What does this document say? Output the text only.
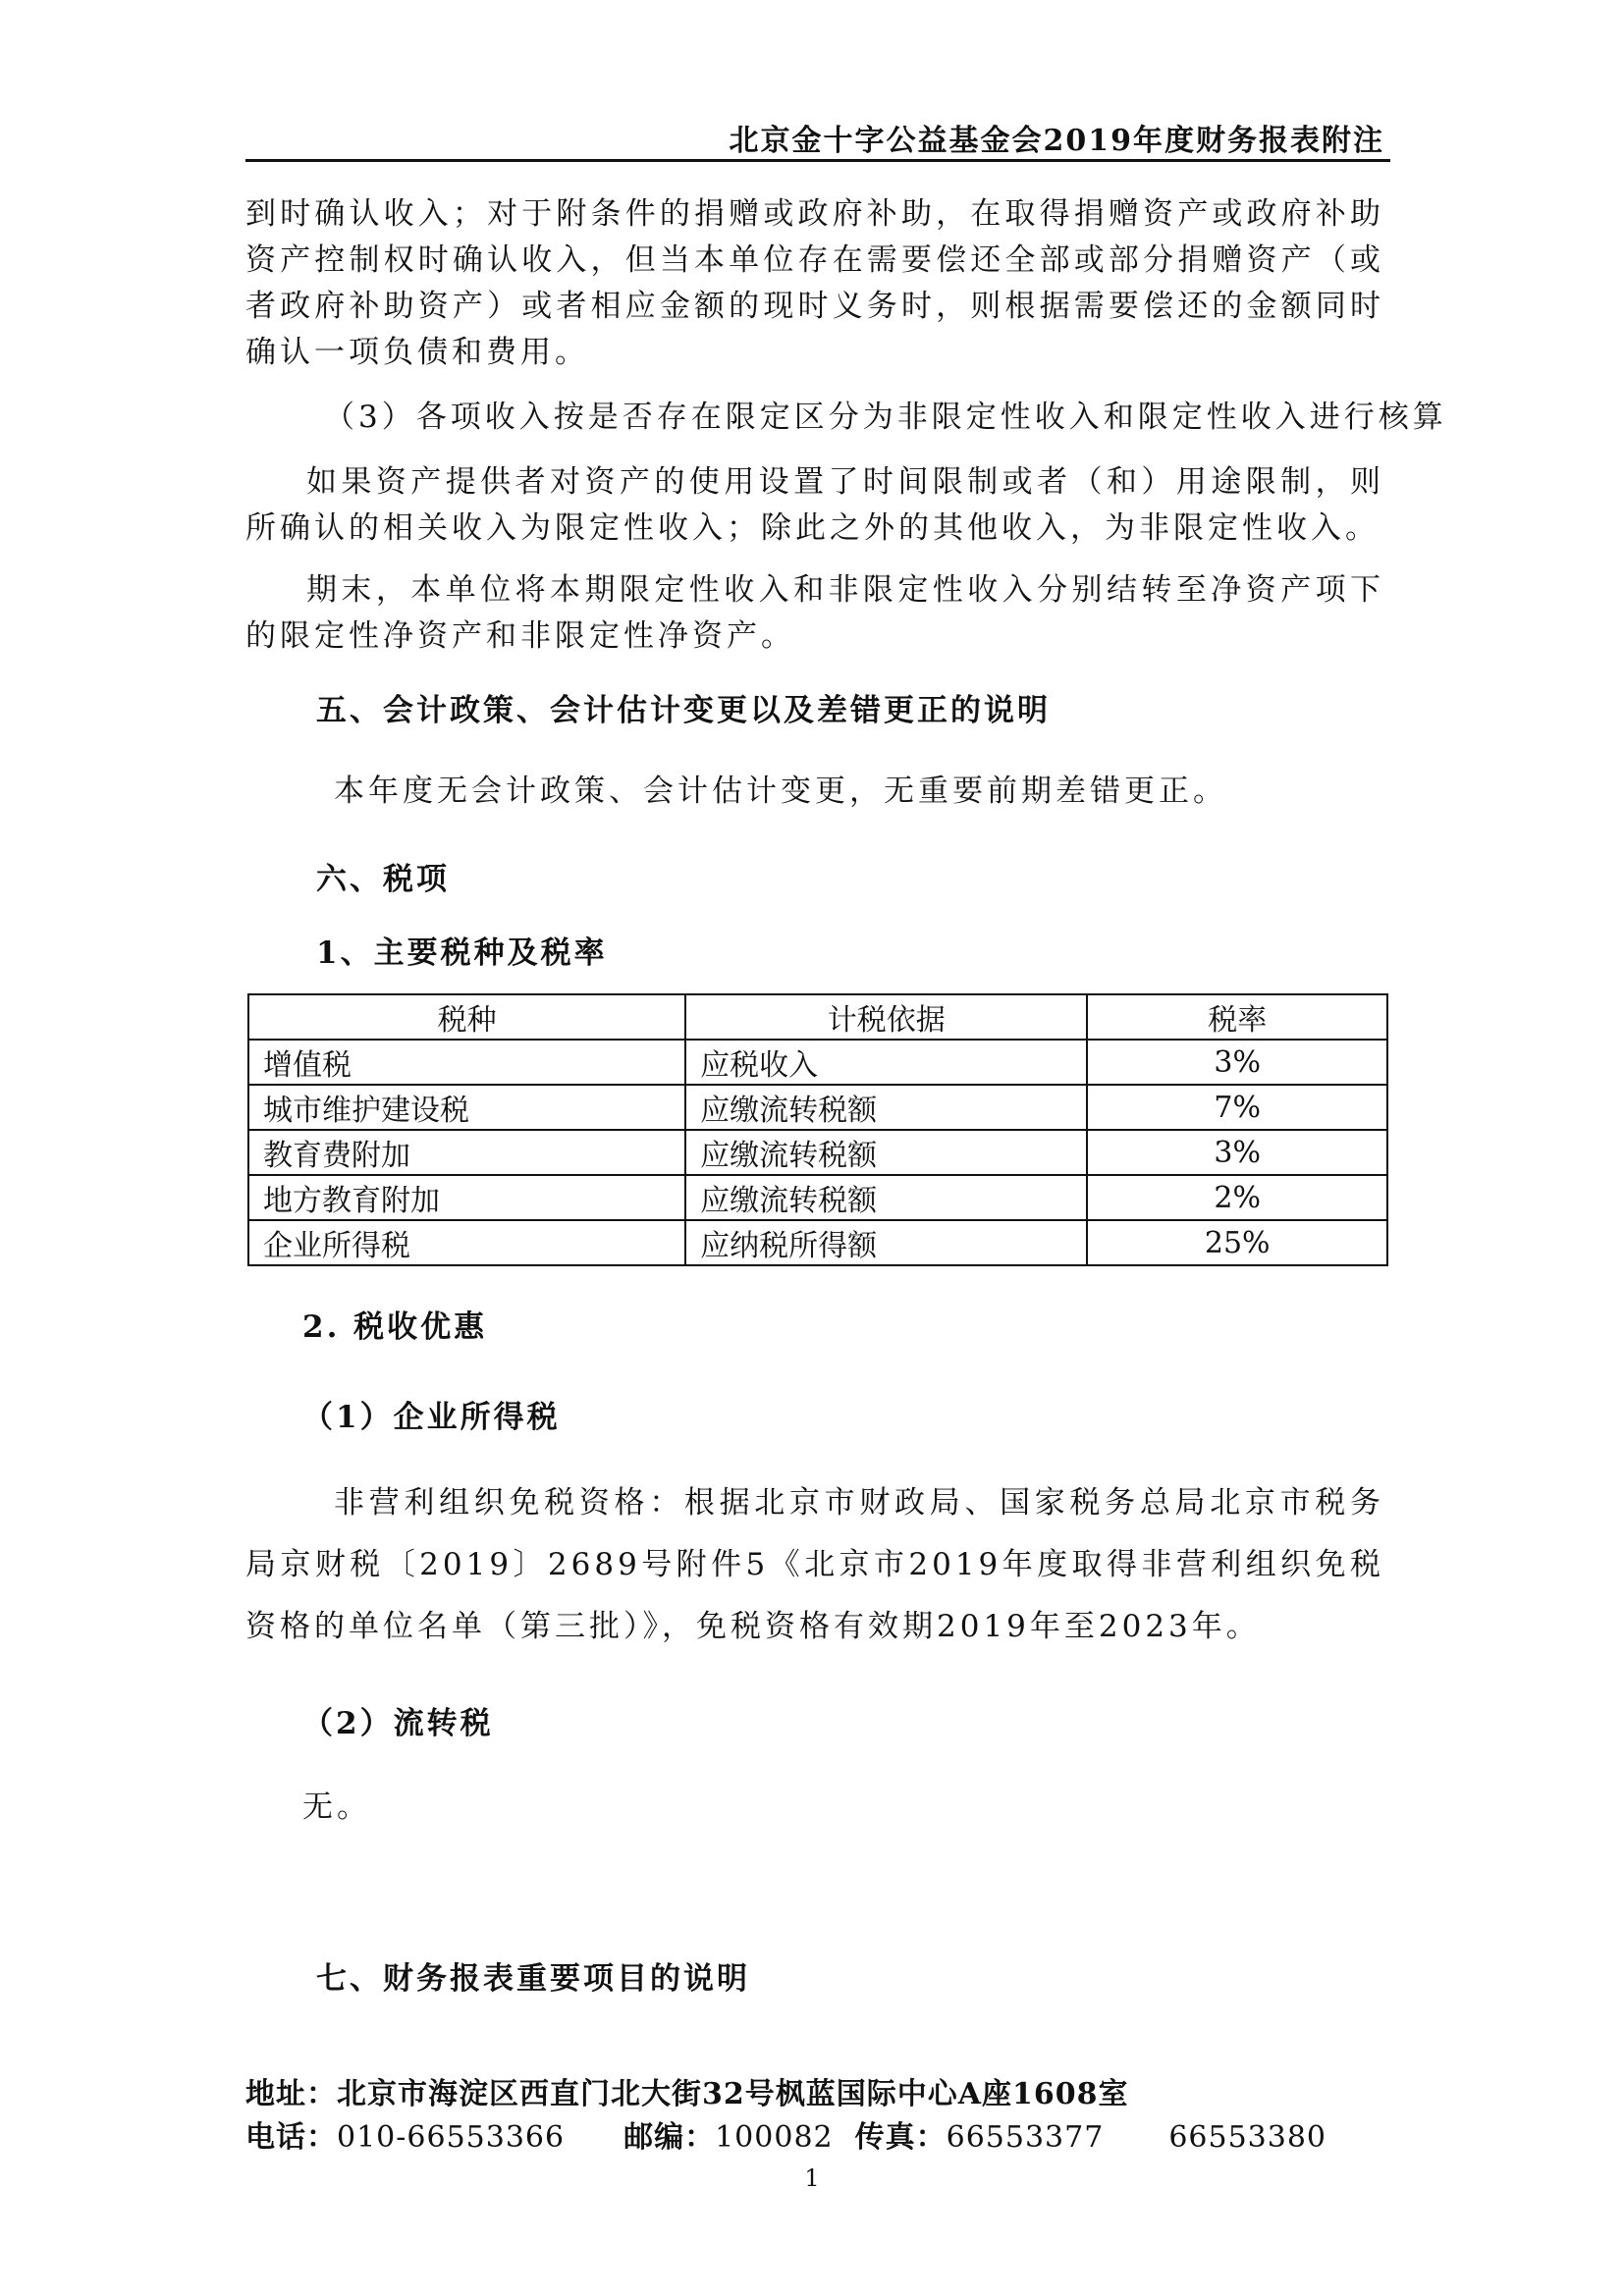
北京金十字公益基金会2019年度财务报表附注
到时确认收入；对于附条件的捐赠或政府补助，在取得捐赠资产或政府补助资产控制权时确认收入，但当本单位存在需要偿还全部或部分捐赠资产（或者政府补助资产）或者相应金额的现时义务时，则根据需要偿还的金额同时确认一项负债和费用。
（3）各项收入按是否存在限定区分为非限定性收入和限定性收入进行核算
如果资产提供者对资产的使用设置了时间限制或者（和）用途限制，则所确认的相关收入为限定性收入；除此之外的其他收入，为非限定性收入。
期末，本单位将本期限定性收入和非限定性收入分别结转至净资产项下的限定性净资产和非限定性净资产。
五、会计政策、会计估计变更以及差错更正的说明
本年度无会计政策、会计估计变更，无重要前期差错更正。
六、税项
1、主要税种及税率
税种	计税依据	税率
增值税	应税收入	3%
城市维护建设税	应缴流转税额	7%
教育费附加	应缴流转税额	3%
地方教育附加	应缴流转税额	2%
企业所得税	应纳税所得额	25%
2. 税收优惠
（1）企业所得税
非营利组织免税资格：根据北京市财政局、国家税务总局北京市税务局京财税〔2019〕2689号附件5《北京市2019年度取得非营利组织免税资格的单位名单（第三批）》，免税资格有效期2019年至2023年。
（2）流转税
无。
七、财务报表重要项目的说明
地址：北京市海淀区西直门北大街32号枫蓝国际中心A座1608室
电话：010-66553366 邮编：100082 传真：66553377 66553380
1
